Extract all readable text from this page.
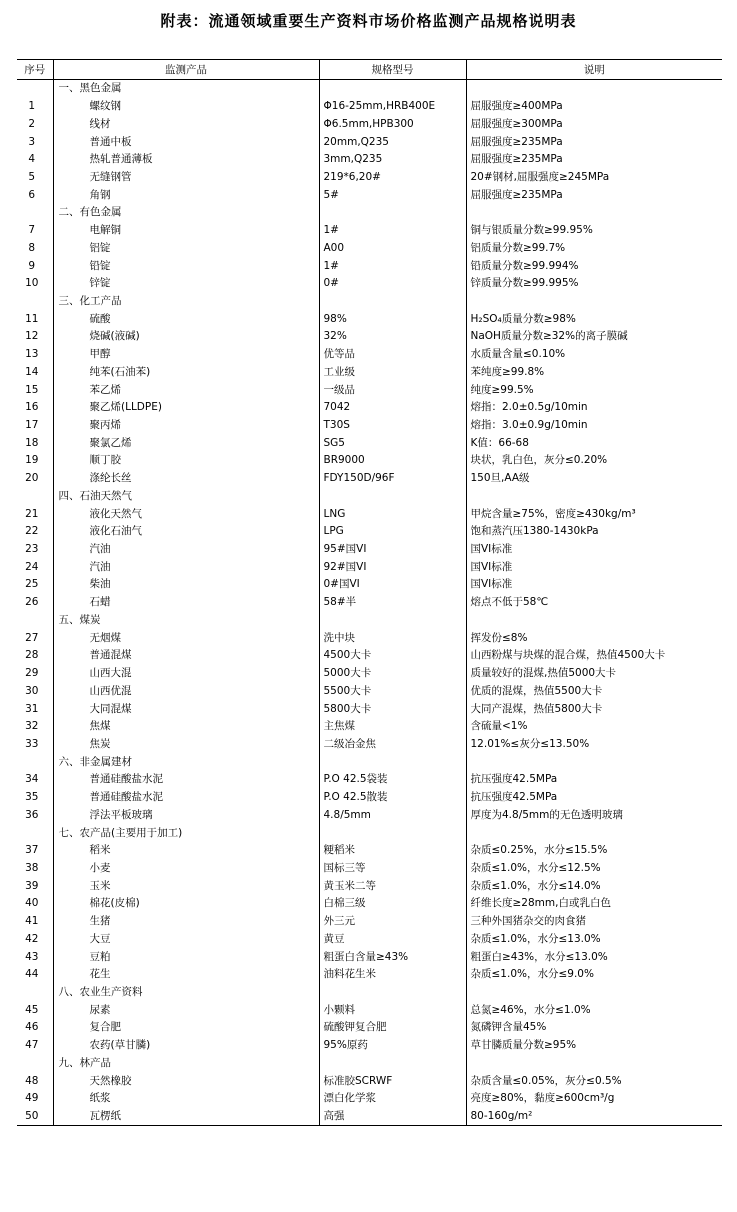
附表：流通领域重要生产资料市场价格监测产品规格说明表
序号	监测产品	规格型号	说明
	一、黑色金属		
1	螺纹钢	Φ16-25mm,HRB400E	屈服强度≥400MPa
2	线材	Φ6.5mm,HPB300	屈服强度≥300MPa
3	普通中板	20mm,Q235	屈服强度≥235MPa
4	热轧普通薄板	3mm,Q235	屈服强度≥235MPa
5	无缝钢管	219*6,20#	20#钢材,屈服强度≥245MPa
6	角钢	5#	屈服强度≥235MPa
	二、有色金属		
7	电解铜	1#	铜与银质量分数≥99.95%
8	铝锭	A00	铝质量分数≥99.7%
9	铅锭	1#	铅质量分数≥99.994%
10	锌锭	0#	锌质量分数≥99.995%
	三、化工产品		
11	硫酸	98%	H₂SO₄质量分数≥98%
12	烧碱(液碱)	32%	NaOH质量分数≥32%的离子膜碱
13	甲醇	优等品	水质量含量≤0.10%
14	纯苯(石油苯)	工业级	苯纯度≥99.8%
15	苯乙烯	一级品	纯度≥99.5%
16	聚乙烯(LLDPE)	7042	熔指：2.0±0.5g/10min
17	聚丙烯	T30S	熔指：3.0±0.9g/10min
18	聚氯乙烯	SG5	K值：66-68
19	顺丁胶	BR9000	块状，乳白色，灰分≤0.20%
20	涤纶长丝	FDY150D/96F	150旦,AA级
	四、石油天然气		
21	液化天然气	LNG	甲烷含量≥75%，密度≥430kg/m³
22	液化石油气	LPG	饱和蒸汽压1380-1430kPa
23	汽油	95#国VI	国VI标准
24	汽油	92#国VI	国VI标准
25	柴油	0#国VI	国VI标准
26	石蜡	58#半	熔点不低于58℃
	五、煤炭		
27	无烟煤	洗中块	挥发份≤8%
28	普通混煤	4500大卡	山西粉煤与块煤的混合煤，热值4500大卡
29	山西大混	5000大卡	质量较好的混煤,热值5000大卡
30	山西优混	5500大卡	优质的混煤，热值5500大卡
31	大同混煤	5800大卡	大同产混煤，热值5800大卡
32	焦煤	主焦煤	含硫量<1%
33	焦炭	二级冶金焦	12.01%≤灰分≤13.50%
	六、非金属建材		
34	普通硅酸盐水泥	P.O 42.5袋装	抗压强度42.5MPa
35	普通硅酸盐水泥	P.O 42.5散装	抗压强度42.5MPa
36	浮法平板玻璃	4.8/5mm	厚度为4.8/5mm的无色透明玻璃
	七、农产品(主要用于加工)		
37	稻米	粳稻米	杂质≤0.25%，水分≤15.5%
38	小麦	国标三等	杂质≤1.0%，水分≤12.5%
39	玉米	黄玉米二等	杂质≤1.0%，水分≤14.0%
40	棉花(皮棉)	白棉三级	纤维长度≥28mm,白或乳白色
41	生猪	外三元	三种外国猪杂交的肉食猪
42	大豆	黄豆	杂质≤1.0%，水分≤13.0%
43	豆粕	粗蛋白含量≥43%	粗蛋白≥43%，水分≤13.0%
44	花生	油料花生米	杂质≤1.0%，水分≤9.0%
	八、农业生产资料		
45	尿素	小颗料	总氮≥46%，水分≤1.0%
46	复合肥	硫酸钾复合肥	氮磷钾含量45%
47	农药(草甘膦)	95%原药	草甘膦质量分数≥95%
	九、林产品		
48	天然橡胶	标准胶SCRWF	杂质含量≤0.05%，灰分≤0.5%
49	纸浆	漂白化学浆	亮度≥80%，黏度≥600cm³/g
50	瓦楞纸	高强	80-160g/m²
